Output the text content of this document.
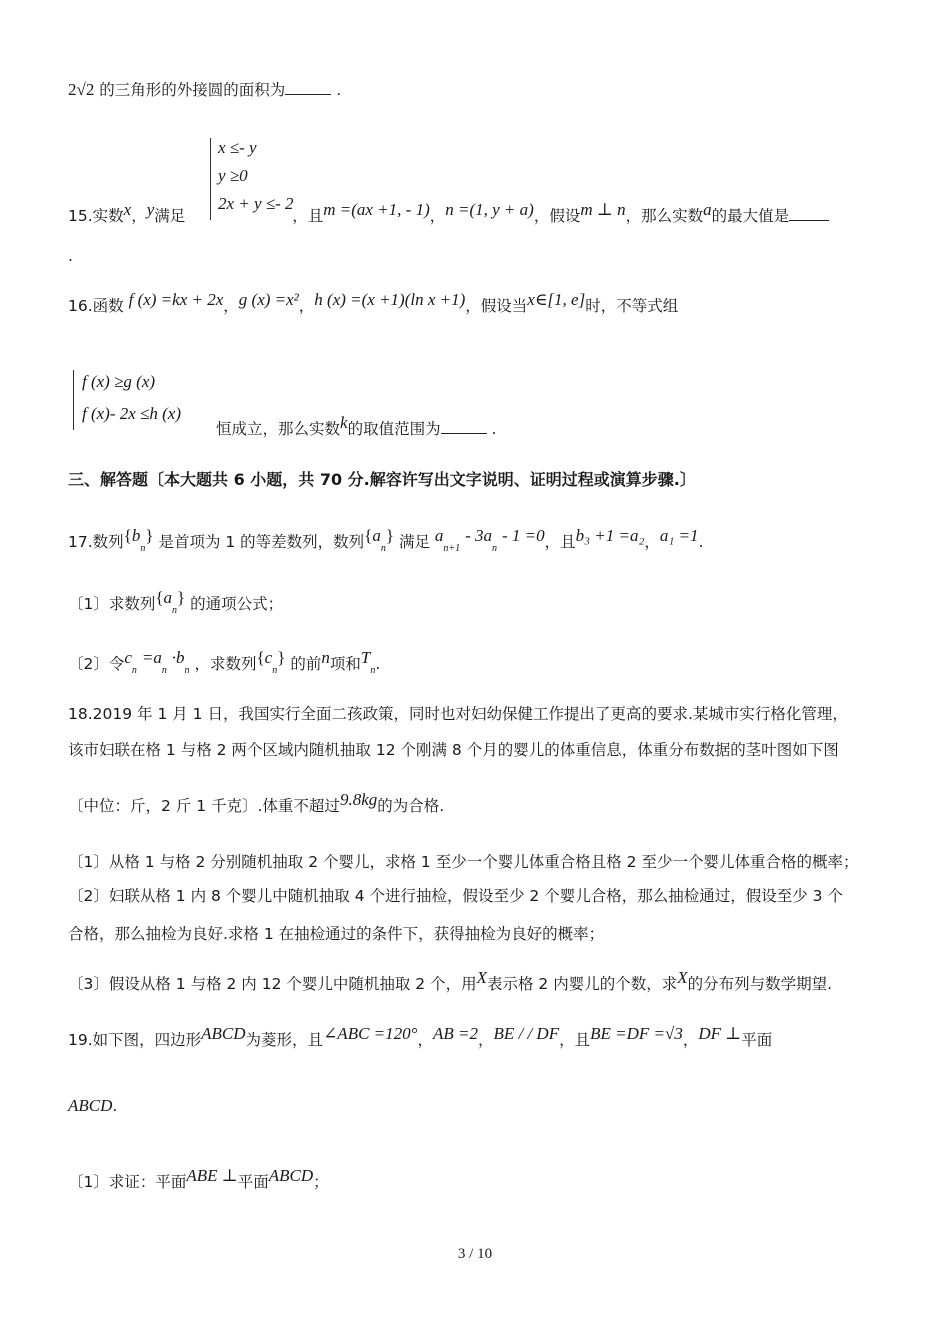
2√2 的三角形的外接圆的面积为	.
x ≤- y
y ≥0
2x + y ≤- 2
15.实数x，y满足	，且m =(ax +1, - 1)，n =(1, y + a)，假设m ⊥ n，那么实数a的最大值是
.
16.函数 f (x) =kx + 2x，g (x) =x²，h (x) =(x +1)(ln x +1)，假设当x∈[1, e]时，不等式组
f (x) ≥g (x)
f (x)- 2x ≤h (x)
恒成立，那么实数k的取值范围为	.
三、解答题〔本大题共 6 小题，共 70 分.解容许写出文字说明、证明过程或演算步骤.〕
17.数列$\{b_n\}$ 是首项为 1 的等差数列，数列$\{a_n\}$ 满足 $a_{n+1} - 3a_n - 1 =0$，且b₃ +1 =a₂，a₁ =1.
〔1〕求数列$\{a_n\}$ 的通项公式；
〔2〕令$c_n =a_n \cdot b_n$ ，求数列$\{c_n\}$ 的前n项和$T_n$.
18.2019 年 1 月 1 日，我国实行全面二孩政策，同时也对妇幼保健工作提出了更高的要求.某城市实行格化管理，
该市妇联在格 1 与格 2 两个区域内随机抽取 12 个刚满 8 个月的婴儿的体重信息，体重分布数据的茎叶图如下图
〔中位：斤，2 斤 1 千克〕.体重不超过9.8kg的为合格.
〔1〕从格 1 与格 2 分别随机抽取 2 个婴儿，求格 1 至少一个婴儿体重合格且格 2 至少一个婴儿体重合格的概率；
〔2〕妇联从格 1 内 8 个婴儿中随机抽取 4 个进行抽检，假设至少 2 个婴儿合格，那么抽检通过，假设至少 3 个
合格，那么抽检为良好.求格 1 在抽检通过的条件下，获得抽检为良好的概率；
〔3〕假设从格 1 与格 2 内 12 个婴儿中随机抽取 2 个，用X表示格 2 内婴儿的个数，求X的分布列与数学期望.
19.如下图，四边形ABCD为菱形，且∠ABC =120°，AB =2，BE / / DF，且BE =DF =√3，DF ⊥平面
ABCD.
〔1〕求证：平面ABE ⊥平面ABCD；
3 / 10
